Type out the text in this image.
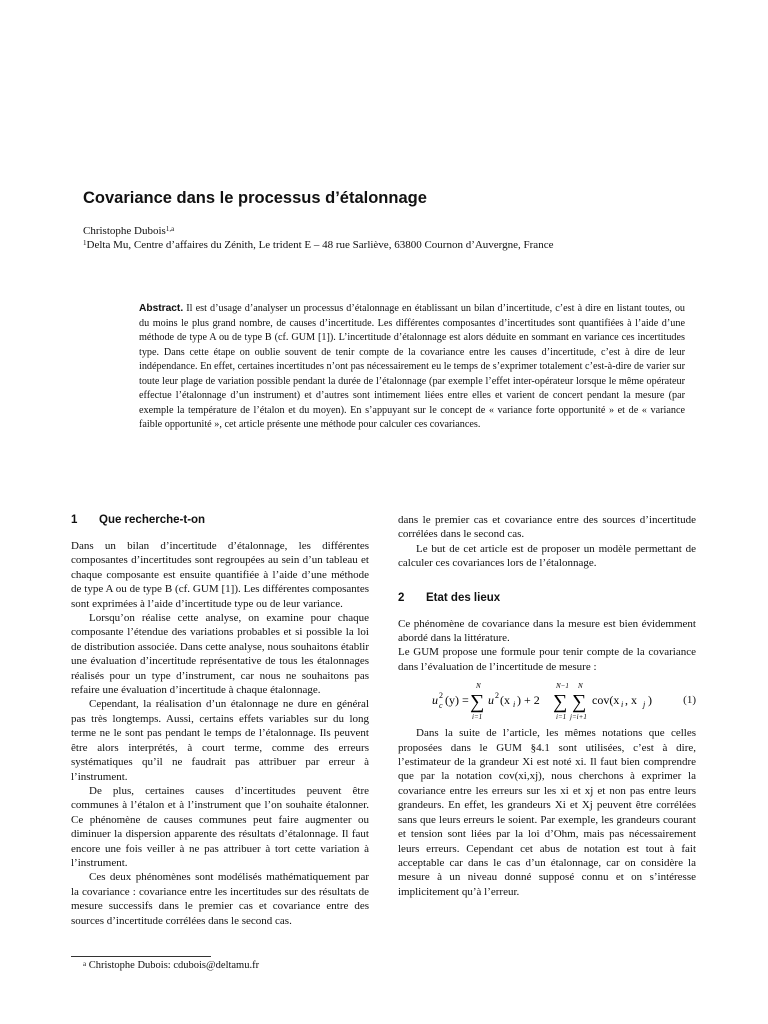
Covariance dans le processus d’étalonnage
Christophe Dubois$^{1,a}$
$^1$Delta Mu, Centre d’affaires du Zénith, Le trident E – 48 rue Sarliève, 63800 Cournon d’Auvergne, France
Abstract. Il est d’usage d’analyser un processus d’étalonnage en établissant un bilan d’incertitude, c’est à dire en listant toutes, ou du moins le plus grand nombre, de causes d’incertitude. Les différentes composantes d’incertitudes sont quantifiées à l’aide d’une méthode de type A ou de type B (cf. GUM [1]). L’incertitude d’étalonnage est alors déduite en sommant en variance ces incertitudes type. Dans cette étape on oublie souvent de tenir compte de la covariance entre les causes d’incertitude, c’est à dire de leur indépendance. En effet, certaines incertitudes n’ont pas nécessairement eu le temps de s’exprimer totalement c’est-à-dire de varier sur toute leur plage de variation possible pendant la durée de l’étalonnage (par exemple l’effet inter-opérateur lorsque le même opérateur effectue l’étalonnage d’un instrument) et d’autres sont intimement liées entre elles et varient de concert pendant la mesure (par exemple la température de l’étalon et du moyen). En s’appuyant sur le concept de « variance forte opportunité » et de « variance faible opportunité », cet article présente une méthode pour calculer ces covariances.
1 Que recherche-t-on

Dans un bilan d’incertitude d’étalonnage, les différentes composantes d’incertitudes sont regroupées au sein d’un tableau et chaque composante est ensuite quantifiée à l’aide d’une méthode de type A ou de type B (cf. GUM [1]). Les différentes composantes sont exprimées à l’aide d’incertitude type ou de leur variance.

Lorsqu’on réalise cette analyse, on examine pour chaque composante l’étendue des variations probables et si possible la loi de distribution associée. Dans cette analyse, nous souhaitons établir une évaluation d’incertitude représentative de tous les étalonnages réalisés pour un type d’instrument, car nous ne souhaitons pas refaire une évaluation d’incertitude à chaque étalonnage.

Cependant, la réalisation d’un étalonnage ne dure en général pas très longtemps. Aussi, certains effets variables sur du long terme ne le sont pas pendant le temps de l’étalonnage. Ils peuvent être alors interprétés, à court terme, comme des erreurs systématiques qu’il ne faudrait pas attribuer par erreur à l’instrument.

De plus, certaines causes d’incertitudes peuvent être communes à l’étalon et à l’instrument que l’on souhaite étalonner. Ce phénomène de causes communes peut faire augmenter ou diminuer la dispersion apparente des résultats d’étalonnage. Il faut encore une fois veiller à ne pas attribuer à tort cette variation à l’instrument.

Ces deux phénomènes sont modélisés mathématiquement par la covariance : covariance entre les incertitudes sur des résultats de mesure successifs dans le premier cas et covariance entre des sources d’incertitude corrélées dans le second cas.

dans le premier cas et covariance entre des sources d’incertitude corrélées dans le second cas.

Le but de cet article est de proposer un modèle permettant de calculer ces covariances lors de l’étalonnage.

2 Etat des lieux

Ce phénomène de covariance dans la mesure est bien évidemment abordé dans la littérature.

Le GUM propose une formule pour tenir compte de la covariance dans l’évaluation de l’incertitude de mesure :

u 2
c (y) =
N
∑
i=1
u 2 (x i ) + 2
N−1
∑
i=1
N
∑
j=i+1
cov(x i , x j )	(1)

Dans la suite de l’article, les mêmes notations que celles proposées dans le GUM §4.1 sont utilisées, c’est à dire, l’estimateur de la grandeur Xi est noté xi. Il faut bien comprendre que par la notation cov(xi,xj), nous cherchons à exprimer la covariance entre les erreurs sur les xi et xj et non pas entre leurs grandeurs. En effet, les grandeurs Xi et Xj peuvent être corrélées sans que leurs erreurs le soient. Par exemple, les grandeurs courant et tension sont liées par la loi d’Ohm, mais pas nécessairement leurs erreurs. Cependant cet abus de notation est tout à fait acceptable car dans le cas d’un étalonnage, car on considère la mesure à un niveau donné supposé connu et on s’intéresse implicitement qu’à l’erreur.

$^a$ Christophe Dubois: cdubois@deltamu.fr
